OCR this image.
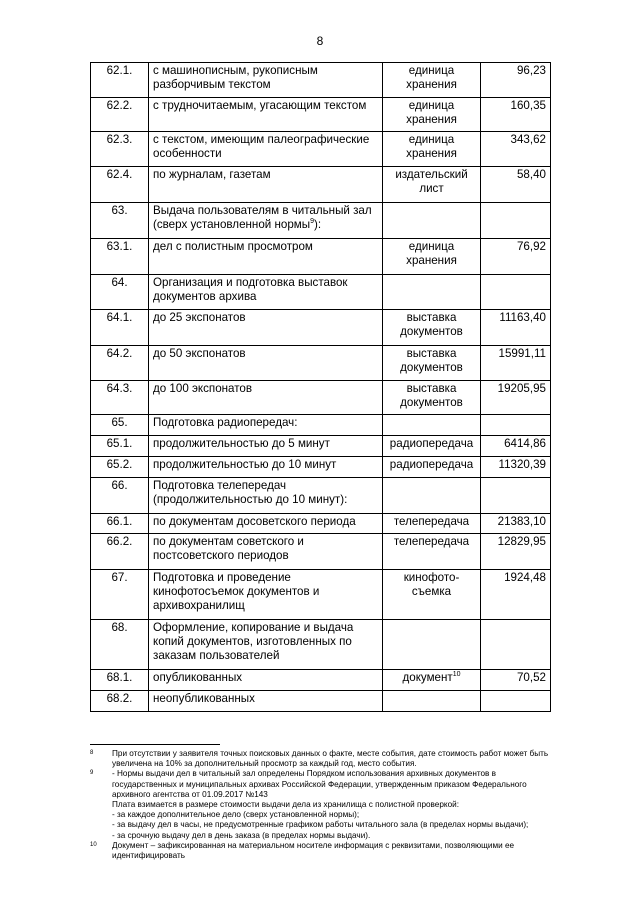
8
62.1.	с машинописным, рукописным разборчивым текстом	единица хранения	96,23
62.2.	с трудночитаемым, угасающим текстом	единица хранения	160,35
62.3.	с текстом, имеющим палеографические особенности	единица хранения	343,62
62.4.	по журналам, газетам	издательский лист	58,40
63.	Выдача пользователям в читальный зал (сверх установленной нормы$^9$):		
63.1.	дел с полистным просмотром	единица хранения	76,92
64.	Организация и подготовка выставок документов архива		
64.1.	до 25 экспонатов	выставка документов	11163,40
64.2.	до 50 экспонатов	выставка документов	15991,11
64.3.	до 100 экспонатов	выставка документов	19205,95
65.	Подготовка радиопередач:		
65.1.	продолжительностью до 5 минут	радиопередача	6414,86
65.2.	продолжительностью до 10 минут	радиопередача	11320,39
66.	Подготовка телепередач (продолжительностью до 10 минут):		
66.1.	по документам досоветского периода	телепередача	21383,10
66.2.	по документам советского и постсоветского периодов	телепередача	12829,95
67.	Подготовка и проведение кинофотосъемок документов и архивохранилищ	кинофото-съемка	1924,48
68.	Оформление, копирование и выдача копий документов, изготовленных по заказам пользователей		
68.1.	опубликованных	документ$^{10}$	70,52
68.2.	неопубликованных		
8	При отсутствии у заявителя точных поисковых данных о факте, месте события, дате стоимость работ может быть увеличена на 10% за дополнительный просмотр за каждый год, место события.

9	- Нормы выдачи дел в читальный зал определены Порядком использования архивных документов в государственных и муниципальных архивах Российской Федерации, утвержденным приказом Федерального архивного агентства от 01.09.2017 №143

Плата взимается в размере стоимости выдачи дела из хранилища с полистной проверкой:

- за каждое дополнительное дело (сверх установленной нормы);

- за выдачу дел в часы, не предусмотренные графиком работы читального зала (в пределах нормы выдачи);

- за срочную выдачу дел в день заказа (в пределах нормы выдачи).

10	Документ – зафиксированная на материальном носителе информация с реквизитами, позволяющими ее идентифицировать
